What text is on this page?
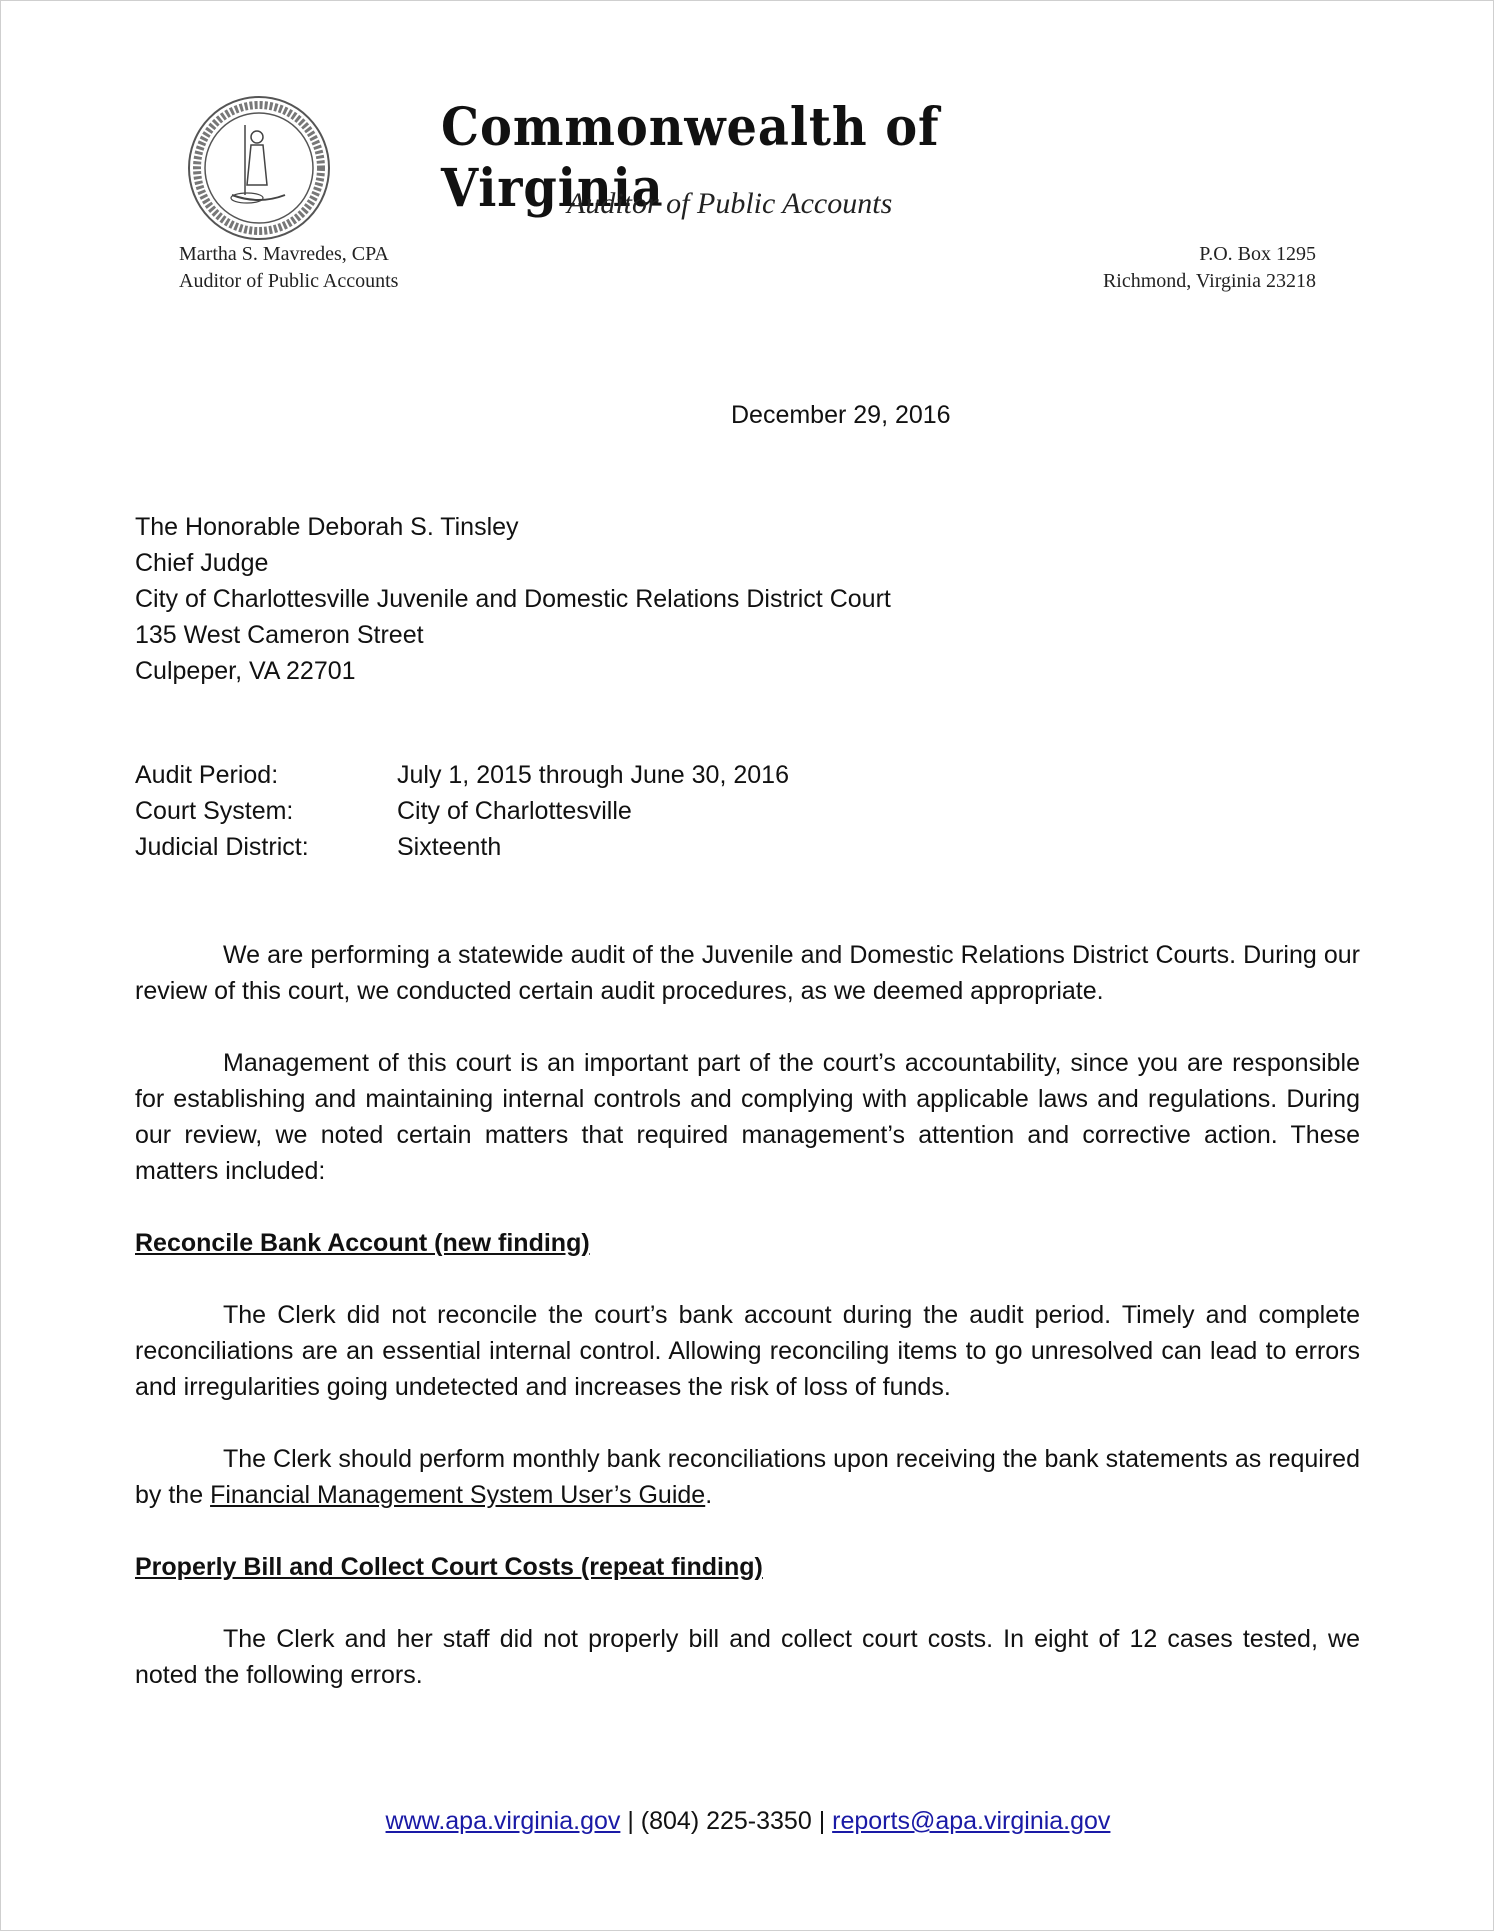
Commonwealth of Virginia
Auditor of Public Accounts
Martha S. Mavredes, CPA
Auditor of Public Accounts
P.O. Box 1295
Richmond, Virginia 23218
December 29, 2016
The Honorable Deborah S. Tinsley
Chief Judge
City of Charlottesville Juvenile and Domestic Relations District Court
135 West Cameron Street
Culpeper, VA 22701
Audit Period:	July 1, 2015 through June 30, 2016
Court System:	City of Charlottesville
Judicial District:	Sixteenth

We are performing a statewide audit of the Juvenile and Domestic Relations District Courts. During our review of this court, we conducted certain audit procedures, as we deemed appropriate.

Management of this court is an important part of the court’s accountability, since you are responsible for establishing and maintaining internal controls and complying with applicable laws and regulations. During our review, we noted certain matters that required management’s attention and corrective action. These matters included:

Reconcile Bank Account (new finding)

The Clerk did not reconcile the court’s bank account during the audit period. Timely and complete reconciliations are an essential internal control. Allowing reconciling items to go unresolved can lead to errors and irregularities going undetected and increases the risk of loss of funds.

The Clerk should perform monthly bank reconciliations upon receiving the bank statements as required by the Financial Management System User’s Guide.

Properly Bill and Collect Court Costs (repeat finding)

The Clerk and her staff did not properly bill and collect court costs. In eight of 12 cases tested, we noted the following errors.

www.apa.virginia.gov | (804) 225-3350 | reports@apa.virginia.gov
